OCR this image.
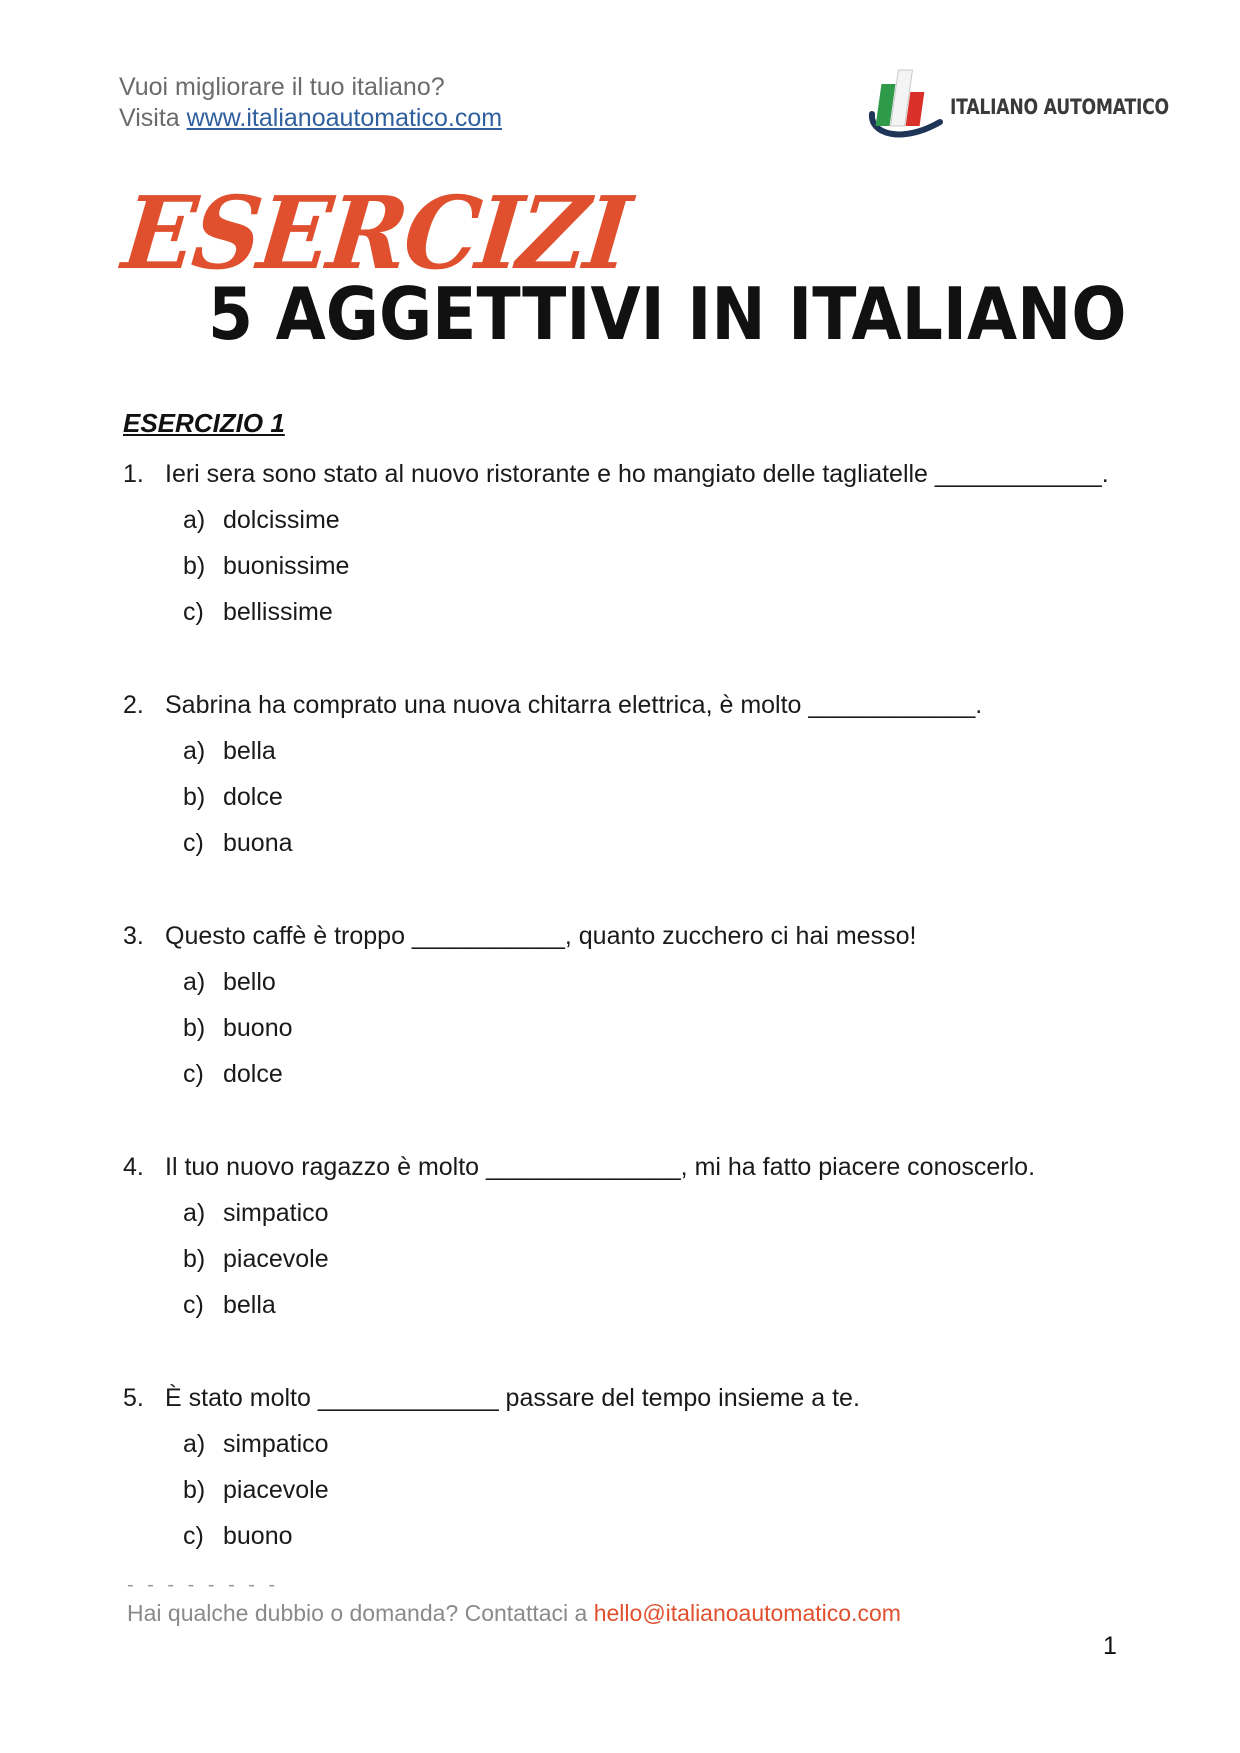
Vuoi migliorare il tuo italiano?
Visita www.italianoautomatico.com	ITALIANO AUTOMATICO
ESERCIZI
5 AGGETTIVI IN ITALIANO
ESERCIZIO 1
1. Ieri sera sono stato al nuovo ristorante e ho mangiato delle tagliatelle ____________.
a) dolcissime
b) buonissime
c) bellissime
2. Sabrina ha comprato una nuova chitarra elettrica, è molto ____________.
a) bella
b) dolce
c) buona
3. Questo caffè è troppo ___________, quanto zucchero ci hai messo!
a) bello
b) buono
c) dolce
4. Il tuo nuovo ragazzo è molto ______________, mi ha fatto piacere conoscerlo.
a) simpatico
b) piacevole
c) bella
5. È stato molto _____________ passare del tempo insieme a te.
a) simpatico
b) piacevole
c) buono
- - - - - - - -
Hai qualche dubbio o domanda? Contattaci a hello@italianoautomatico.com
1
